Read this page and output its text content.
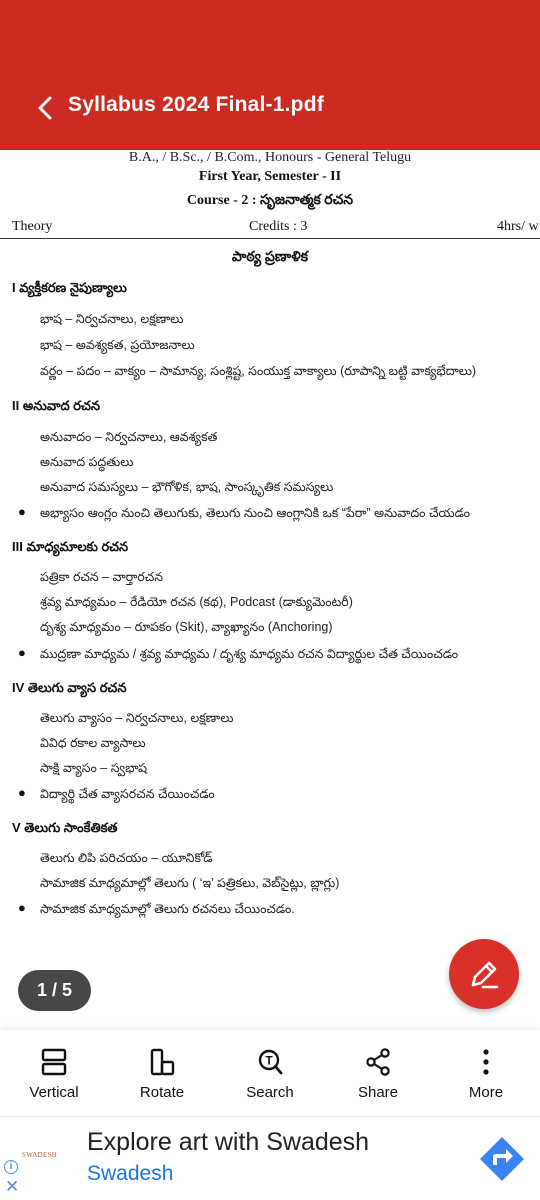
Syllabus 2024 Final-1.pdf
B.A., / B.Sc., / B.Com., Honours - General Telugu
First Year, Semester - II
Course - 2 : సృజనాత్మక రచన
Theory	Credits : 3	4hrs/ w
పాఠ్య ప్రణాళిక
I వ్యక్తీకరణ నైపుణ్యాలు
భాష – నిర్వచనాలు, లక్షణాలు
భాష – అవశ్యకత, ప్రయోజనాలు
వర్ణం – పదం – వాక్యం – సామాన్య, సంశ్లిష్ట, సంయుక్త వాక్యాలు (రూపాన్ని బట్టి వాక్యభేదాలు)
II అనువాద రచన
అనువాదం – నిర్వచనాలు, ఆవశ్యకత
అనువాద పద్ధతులు
అనువాద సమస్యలు – భౌగోళిక, భాష, సాంస్కృతిక సమస్యలు
● అభ్యాసం ఆంగ్లం నుంచి తెలుగుకు, తెలుగు నుంచి ఆంగ్లానికి ఒక “పేరా” అనువాదం చేయడం
III మాధ్యమాలకు రచన
పత్రికా రచన – వార్తారచన
శ్రవ్య మాధ్యమం – రేడియో రచన (కథ), Podcast (డాక్యుమెంటరీ)
దృశ్య మాధ్యమం – రూపకం (Skit), వ్యాఖ్యానం (Anchoring)
● ముద్రణా మాధ్యమ / శ్రవ్య మాధ్యమ / దృశ్య మాధ్యమ రచన విద్యార్థుల చేత చేయించడం
IV తెలుగు వ్యాస రచన
తెలుగు వ్యాసం – నిర్వచనాలు, లక్షణాలు
వివిధ రకాల వ్యాసాలు
సాక్షి వ్యాసం – స్వభాష
● విద్యార్థి చేత వ్యాసరచన చేయించడం
V తెలుగు సాంకేతికత
తెలుగు లిపి పరిచయం – యూనికోడ్
సామాజిక మాధ్యమాల్లో తెలుగు ( ‘ఇ’ పత్రికలు, వెబ్‌సైట్లు, బ్లాగ్లు)
● సామాజిక మాధ్యమాల్లో తెలుగు రచనలు చేయించడం.
1 / 5
Vertical	Rotate
T
Search	Share	More
SWADESH
i
✕
Explore art with Swadesh
Swadesh
